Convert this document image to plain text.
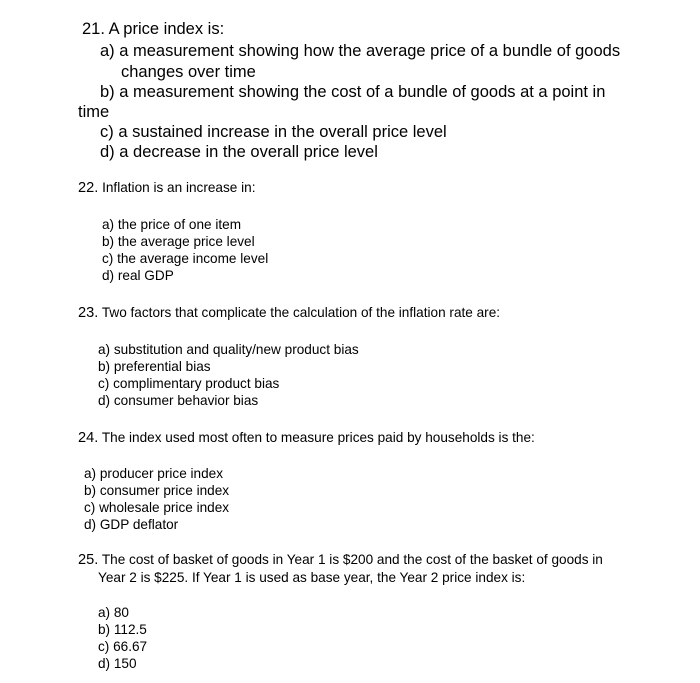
21. A price index is:
a) a measurement showing how the average price of a bundle of goods
changes over time
b) a measurement showing the cost of a bundle of goods at a point in
time
c) a sustained increase in the overall price level
d) a decrease in the overall price level
22. Inflation is an increase in:
a) the price of one item
b) the average price level
c) the average income level
d) real GDP
23. Two factors that complicate the calculation of the inflation rate are:
a) substitution and quality/new product bias
b) preferential bias
c) complimentary product bias
d) consumer behavior bias
24. The index used most often to measure prices paid by households is the:
a) producer price index
b) consumer price index
c) wholesale price index
d) GDP deflator
25. The cost of basket of goods in Year 1 is $200 and the cost of the basket of goods in
Year 2 is $225. If Year 1 is used as base year, the Year 2 price index is:
a) 80
b) 112.5
c) 66.67
d) 150
